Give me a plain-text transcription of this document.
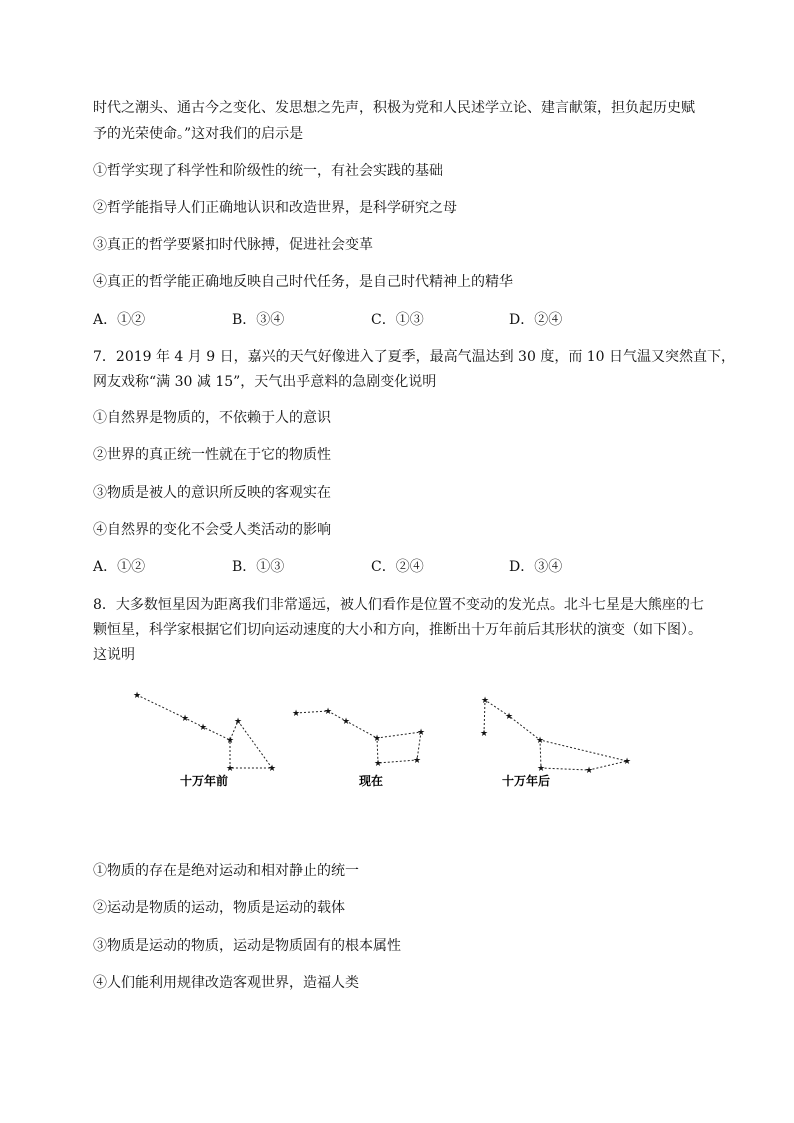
时代之潮头、通古今之变化、发思想之先声，积极为党和人民述学立论、建言献策，担负起历史赋
予的光荣使命。”这对我们的启示是
①哲学实现了科学性和阶级性的统一，有社会实践的基础
②哲学能指导人们正确地认识和改造世界，是科学研究之母
③真正的哲学要紧扣时代脉搏，促进社会变革
④真正的哲学能正确地反映自己时代任务，是自己时代精神上的精华
A．①②	B．③④	C．①③	D．②④
7．2019 年 4 月 9 日，嘉兴的天气好像进入了夏季，最高气温达到 30 度，而 10 日气温又突然直下，
网友戏称“满 30 减 15”，天气出乎意料的急剧变化说明
①自然界是物质的，不依赖于人的意识
②世界的真正统一性就在于它的物质性
③物质是被人的意识所反映的客观实在
④自然界的变化不会受人类活动的影响
A．①②	B．①③	C．②④	D．③④
8．大多数恒星因为距离我们非常遥远，被人们看作是位置不变动的发光点。北斗七星是大熊座的七
颗恒星，科学家根据它们切向运动速度的大小和方向，推断出十万年前后其形状的演变（如下图）。
这说明
★
★
★
★
★
★
★
★	★
★
★
★
★
★
★
★
★
★
★
★
★
十万年前	现在	十万年后
①物质的存在是绝对运动和相对静止的统一
②运动是物质的运动，物质是运动的载体
③物质是运动的物质，运动是物质固有的根本属性
④人们能利用规律改造客观世界，造福人类
